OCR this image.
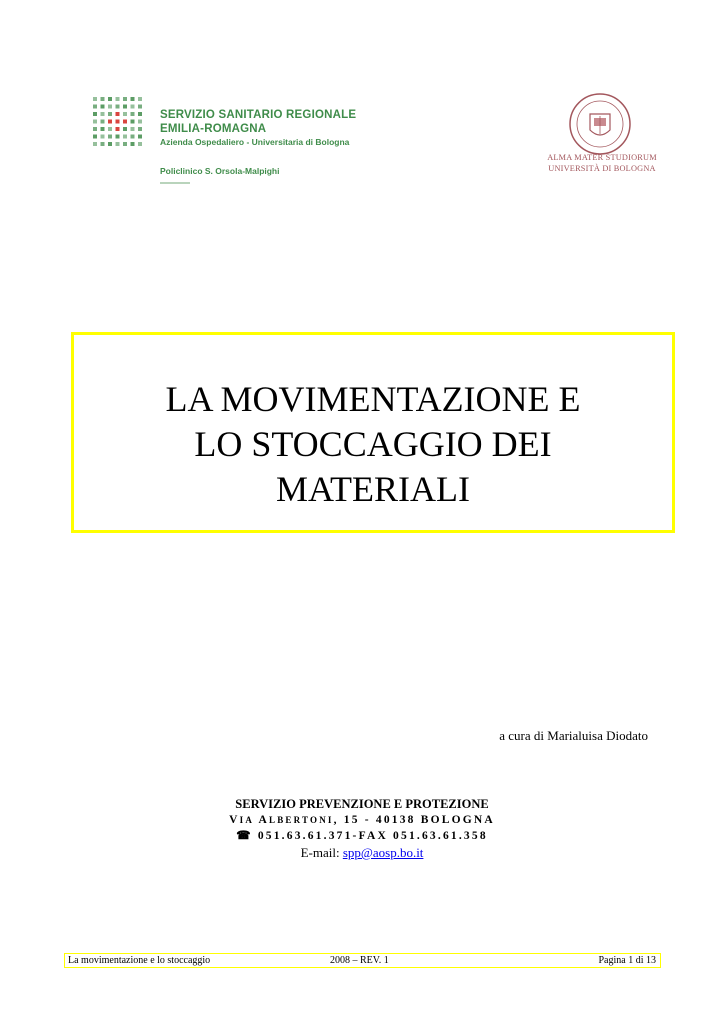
SERVIZIO SANITARIO REGIONALE
EMILIA-ROMAGNA
Azienda Ospedaliero - Universitaria di Bologna
Policlinico S. Orsola-Malpighi
ALMA MATER STUDIORUM
UNIVERSITÀ DI BOLOGNA
LA MOVIMENTAZIONE E
LO STOCCAGGIO DEI
MATERIALI
a cura di Marialuisa Diodato
SERVIZIO PREVENZIONE E PROTEZIONE
VIA ALBERTONI, 15 - 40138 BOLOGNA
☎ 051.63.61.371-FAX 051.63.61.358
E-mail: spp@aosp.bo.it
La movimentazione e lo stoccaggio	2008 – REV. 1	Pagina 1 di 13
